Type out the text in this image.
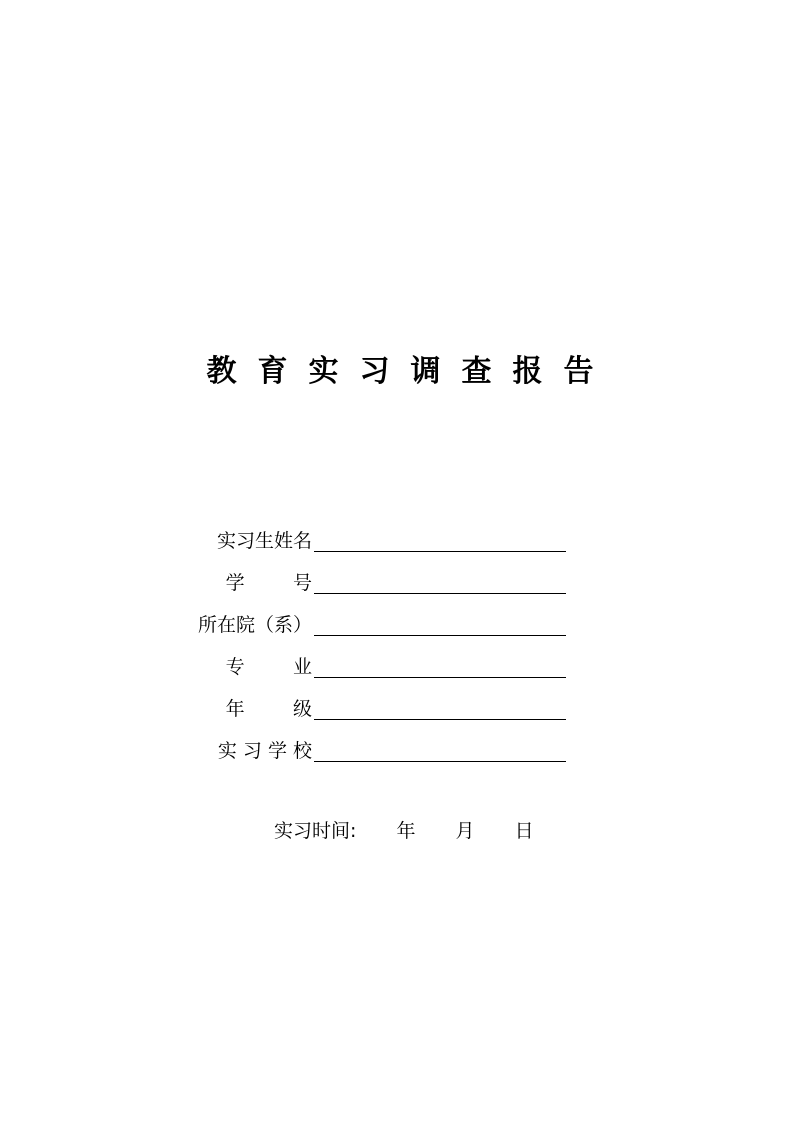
教育实习调查报告
实习生姓名
学        号
所在院（系）
专        业
年        级
实 习 学 校
实习时间: 年 月 日
